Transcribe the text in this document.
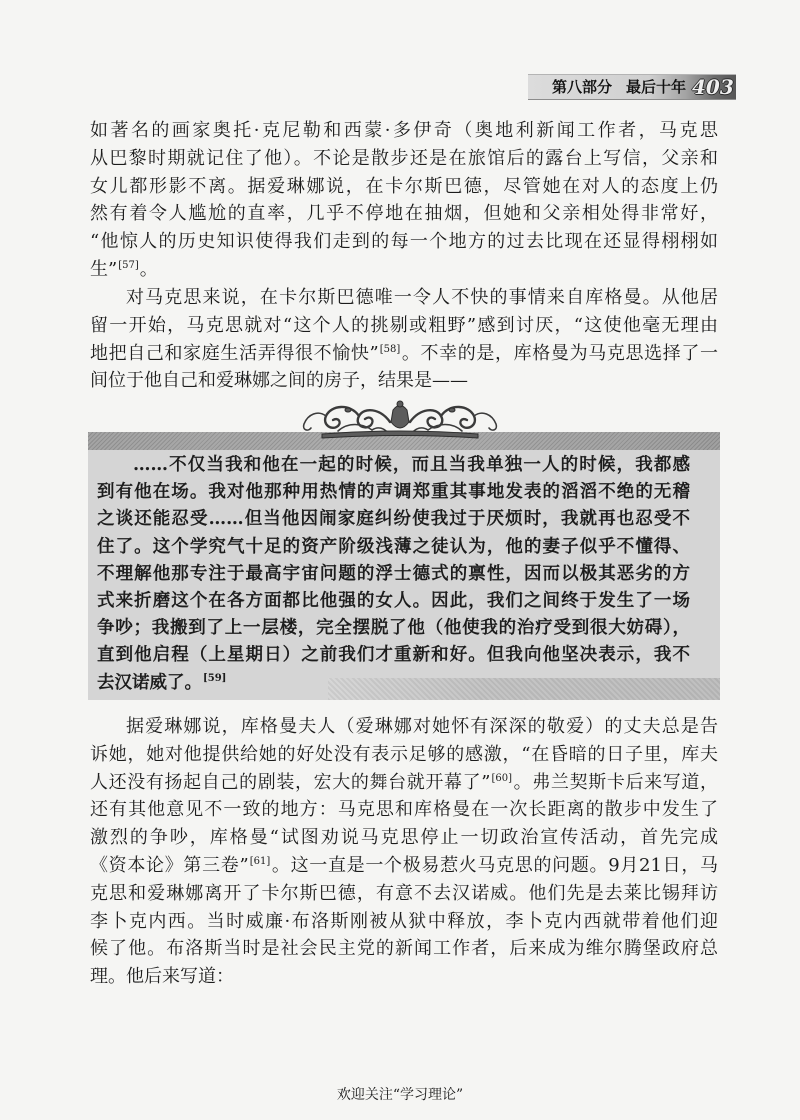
第八部分 最后十年 403
如著名的画家奥托·克尼勒和西蒙·多伊奇（奥地利新闻工作者，马克思
从巴黎时期就记住了他）。不论是散步还是在旅馆后的露台上写信，父亲和
女儿都形影不离。据爱琳娜说，在卡尔斯巴德，尽管她在对人的态度上仍
然有着令人尴尬的直率，几乎不停地在抽烟，但她和父亲相处得非常好，
“他惊人的历史知识使得我们走到的每一个地方的过去比现在还显得栩栩如
生”[57]。
对马克思来说，在卡尔斯巴德唯一令人不快的事情来自库格曼。从他居
留一开始，马克思就对“这个人的挑剔或粗野”感到讨厌，“这使他毫无理由
地把自己和家庭生活弄得很不愉快”[58]。不幸的是，库格曼为马克思选择了一
间位于他自己和爱琳娜之间的房子，结果是——
……不仅当我和他在一起的时候，而且当我单独一人的时候，我都感
到有他在场。我对他那种用热情的声调郑重其事地发表的滔滔不绝的无稽
之谈还能忍受……但当他因闹家庭纠纷使我过于厌烦时，我就再也忍受不
住了。这个学究气十足的资产阶级浅薄之徒认为，他的妻子似乎不懂得、
不理解他那专注于最高宇宙问题的浮士德式的禀性，因而以极其恶劣的方
式来折磨这个在各方面都比他强的女人。因此，我们之间终于发生了一场
争吵；我搬到了上一层楼，完全摆脱了他（他使我的治疗受到很大妨碍），
直到他启程（上星期日）之前我们才重新和好。但我向他坚决表示，我不
去汉诺威了。[59]
据爱琳娜说，库格曼夫人（爱琳娜对她怀有深深的敬爱）的丈夫总是告
诉她，她对他提供给她的好处没有表示足够的感激，“在昏暗的日子里，库夫
人还没有扬起自己的剧装，宏大的舞台就开幕了”[60]。弗兰契斯卡后来写道，
还有其他意见不一致的地方：马克思和库格曼在一次长距离的散步中发生了
激烈的争吵，库格曼“试图劝说马克思停止一切政治宣传活动，首先完成
《资本论》第三卷”[61]。这一直是一个极易惹火马克思的问题。9月21日，马
克思和爱琳娜离开了卡尔斯巴德，有意不去汉诺威。他们先是去莱比锡拜访
李卜克内西。当时威廉·布洛斯刚被从狱中释放，李卜克内西就带着他们迎
候了他。布洛斯当时是社会民主党的新闻工作者，后来成为维尔腾堡政府总
理。他后来写道：
欢迎关注“学习理论”
